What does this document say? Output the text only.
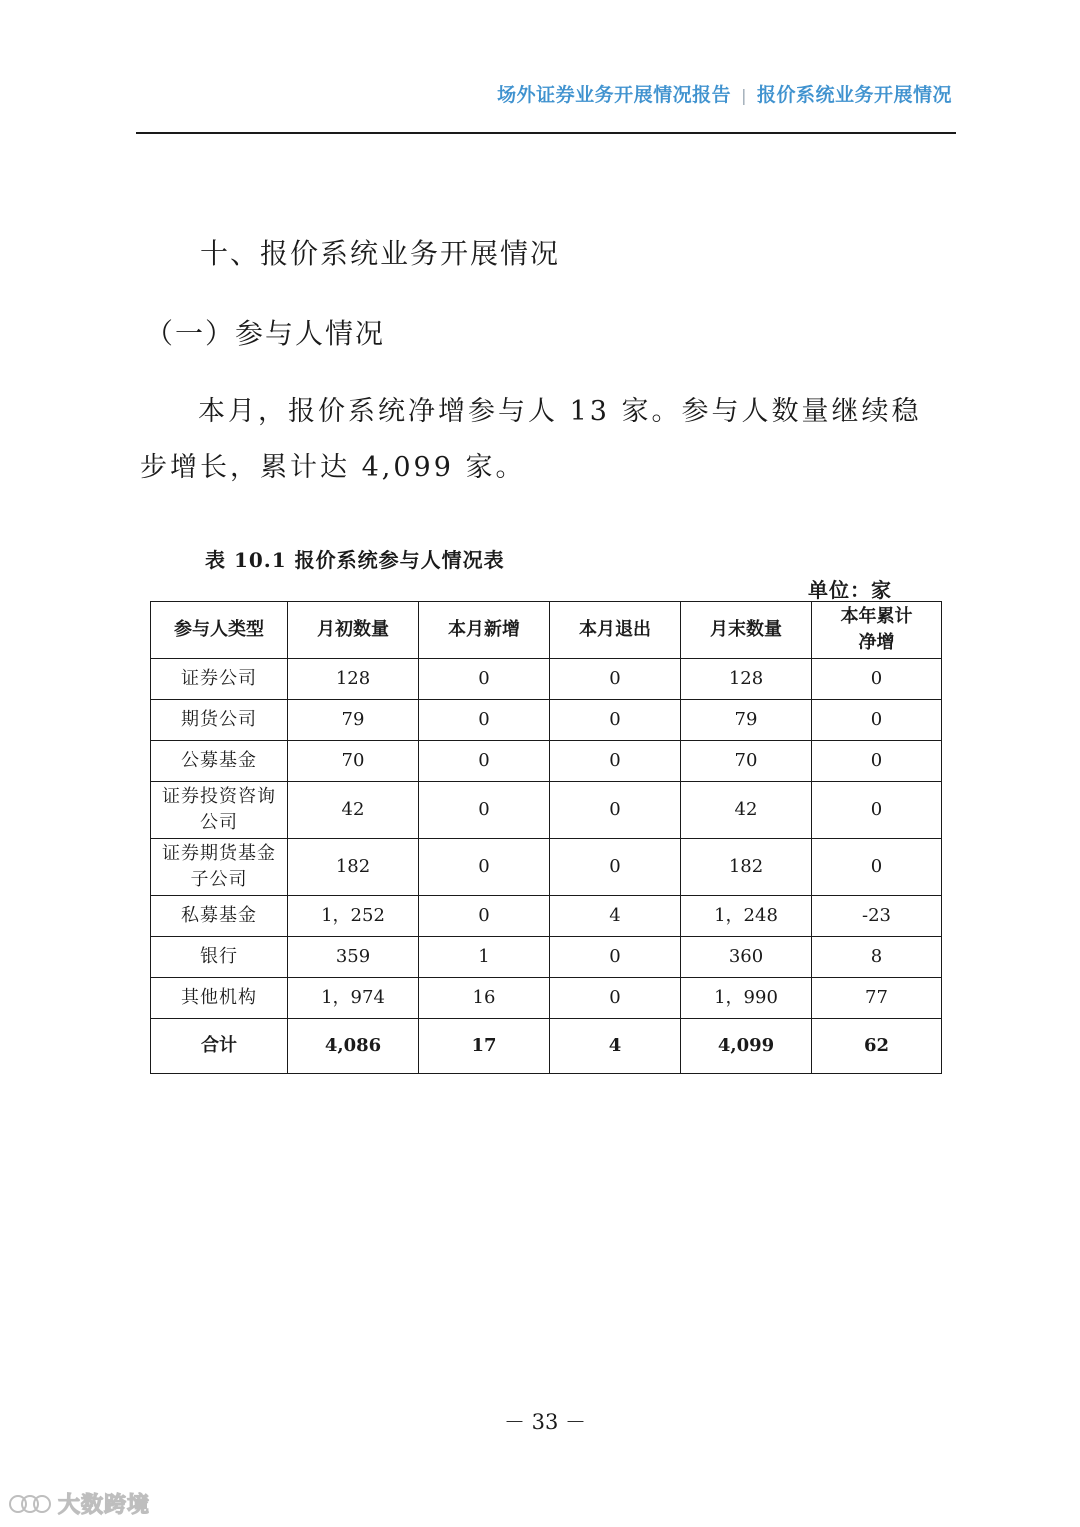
场外证券业务开展情况报告 | 报价系统业务开展情况
十、报价系统业务开展情况
（一）参与人情况

本月，报价系统净增参与人 13 家。参与人数量继续稳步增长，累计达 4,099 家。

表 10.1 报价系统参与人情况表
单位：家
参与人类型	月初数量	本月新增	本月退出	月末数量	本年累计
净增
证券公司	128	0	0	128	0
期货公司	79	0	0	79	0
公募基金	70	0	0	70	0
证券投资咨询公司	42	0	0	42	0
证券期货基金子公司	182	0	0	182	0
私募基金	1，252	0	4	1，248	-23
银行	359	1	0	360	8
其他机构	1，974	16	0	1，990	77
合计	4,086	17	4	4,099	62
－ 33 －
大数跨境
